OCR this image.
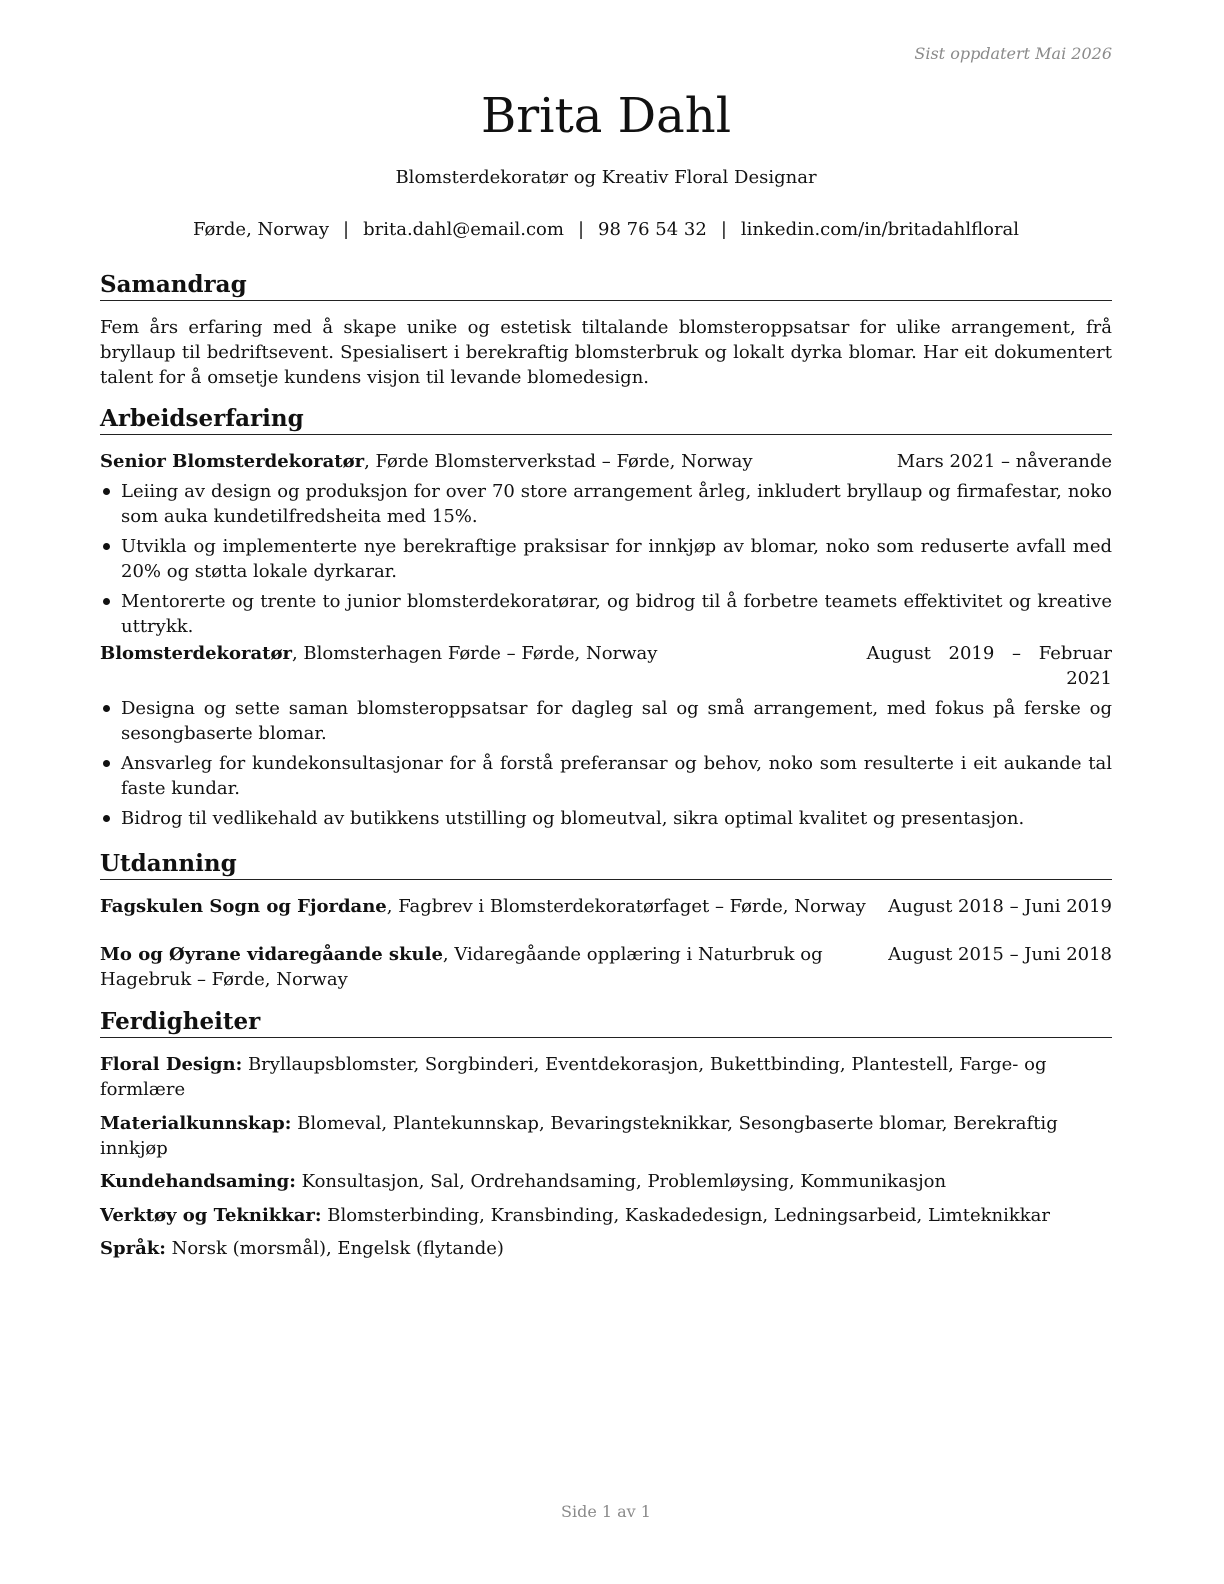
Sist oppdatert Mai 2026
Brita Dahl
Blomsterdekoratør og Kreativ Floral Designar
Førde, Norway | brita.dahl@email.com | 98 76 54 32 | linkedin.com/in/britadahlfloral
Samandrag
Fem års erfaring med å skape unike og estetisk tiltalande blomsteroppsatsar for ulike arrangement, frå bryllaup til bedriftsevent. Spesialisert i berekraftig blomsterbruk og lokalt dyrka blomar. Har eit dokumentert talent for å omsetje kundens visjon til levande blomedesign.
Arbeidserfaring
Senior Blomsterdekoratør, Førde Blomsterverkstad – Førde, Norway	Mars 2021 – nåverande
Leiing av design og produksjon for over 70 store arrangement årleg, inkludert bryllaup og firmafestar, noko som auka kundetilfredsheita med 15%.
Utvikla og implementerte nye berekraftige praksisar for innkjøp av blomar, noko som reduserte avfall med 20% og støtta lokale dyrkarar.
Mentorerte og trente to junior blomsterdekoratørar, og bidrog til å forbetre teamets effektivitet og kreative uttrykk.
Blomsterdekoratør, Blomsterhagen Førde – Førde, Norway	August 2019 – Februar
2021
Designa og sette saman blomsteroppsatsar for dagleg sal og små arrangement, med fokus på ferske og sesongbaserte blomar.
Ansvarleg for kundekonsultasjonar for å forstå preferansar og behov, noko som resulterte i eit aukande tal faste kundar.
Bidrog til vedlikehald av butikkens utstilling og blomeutval, sikra optimal kvalitet og presentasjon.
Utdanning
Fagskulen Sogn og Fjordane, Fagbrev i Blomsterdekoratørfaget – Førde, Norway August 2018 – Juni 2019
Mo og Øyrane vidaregåande skule, Vidaregåande opplæring i Naturbruk og Hagebruk – Førde, Norway
August 2015 – Juni 2018
Ferdigheiter
Floral Design: Bryllaupsblomster, Sorgbinderi, Eventdekorasjon, Bukettbinding, Plantestell, Farge- og formlære
Materialkunnskap: Blomeval, Plantekunnskap, Bevaringsteknikkar, Sesongbaserte blomar, Berekraftig innkjøp
Kundehandsaming: Konsultasjon, Sal, Ordrehandsaming, Problemløysing, Kommunikasjon
Verktøy og Teknikkar: Blomsterbinding, Kransbinding, Kaskadedesign, Ledningsarbeid, Limteknikkar
Språk: Norsk (morsmål), Engelsk (flytande)
Side 1 av 1
